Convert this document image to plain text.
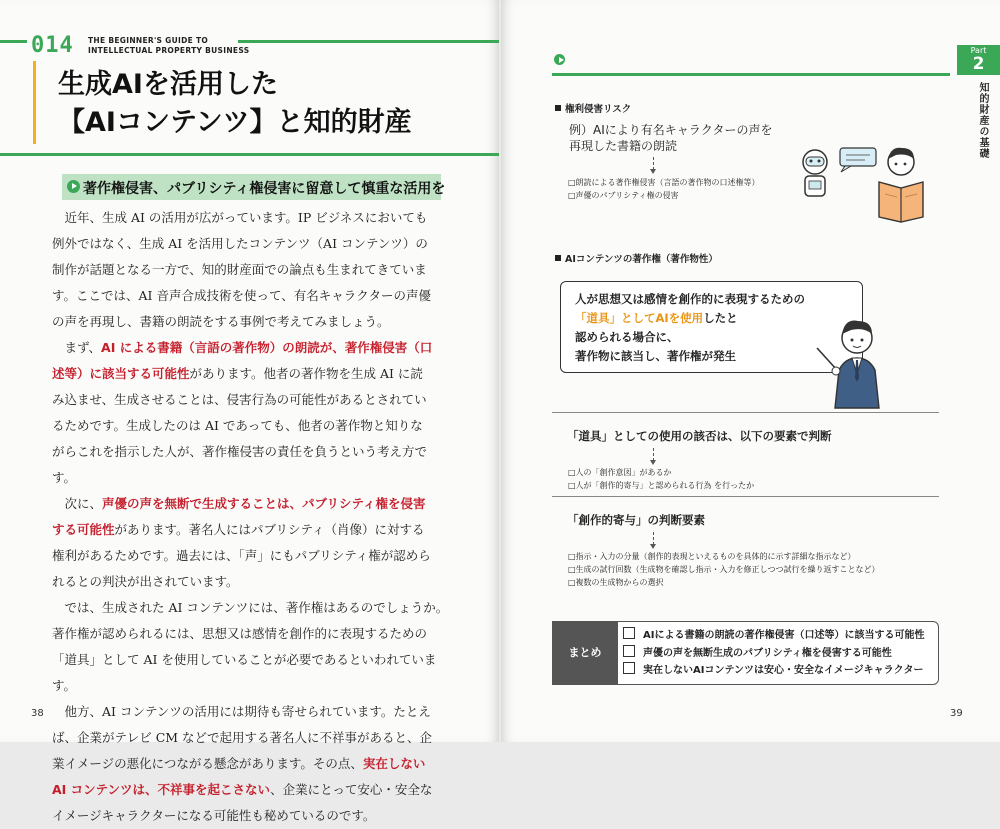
014 THE BEGINNER'S GUIDE TO
INTELLECTUAL PROPERTY BUSINESS
生成AIを活用した
【AIコンテンツ】と知的財産
著作権侵害、パブリシティ権侵害に留意して慎重な活用を

　近年、生成 AI の活用が広がっています。IP ビジネスにおいても
例外ではなく、生成 AI を活用したコンテンツ（AI コンテンツ）の
制作が話題となる一方で、知的財産面での論点も生まれてきていま
す。ここでは、AI 音声合成技術を使って、有名キャラクターの声優
の声を再現し、書籍の朗読をする事例で考えてみましょう。
　まず、AI による書籍（言語の著作物）の朗読が、著作権侵害（口
述等）に該当する可能性があります。他者の著作物を生成 AI に読
み込ませ、生成させることは、侵害行為の可能性があるとされてい
るためです。生成したのは AI であっても、他者の著作物と知りな
がらこれを指示した人が、著作権侵害の責任を負うという考え方で
す。
　次に、声優の声を無断で生成することは、パブリシティ権を侵害
する可能性があります。著名人にはパブリシティ（肖像）に対する
権利があるためです。過去には、「声」にもパブリシティ権が認めら
れるとの判決が出されています。
　では、生成された AI コンテンツには、著作権はあるのでしょうか。
著作権が認められるには、思想又は感情を創作的に表現するための
「道具」として AI を使用していることが必要であるといわれていま
す。
　他方、AI コンテンツの活用には期待も寄せられています。たとえ
ば、企業がテレビ CM などで起用する著名人に不祥事があると、企
業イメージの悪化につながる懸念があります。その点、実在しない
AI コンテンツは、不祥事を起こさない、企業にとって安心・安全な
イメージキャラクターになる可能性も秘めているのです。

38
Part
2
知的財産の基礎
権利侵害リスク
例）AIにより有名キャラクターの声を
再現した書籍の朗読
□朗読による著作権侵害（言語の著作物の口述権等）
□声優のパブリシティ権の侵害
AIコンテンツの著作権（著作物性）
人が思想又は感情を創作的に表現するための
「道具」としてAIを使用したと
認められる場合に、
著作物に該当し、著作権が発生
「道具」としての使用の該否は、以下の要素で判断
□人の「創作意図」があるか
□人が「創作的寄与」と認められる行為 を行ったか
「創作的寄与」の判断要素
□指示・入力の分量（創作的表現といえるものを具体的に示す詳細な指示など）
□生成の試行回数（生成物を確認し指示・入力を修正しつつ試行を繰り返すことなど）
□複数の生成物からの選択
まとめ
AIによる書籍の朗読の著作権侵害（口述等）に該当する可能性
声優の声を無断生成のパブリシティ権を侵害する可能性
実在しないAIコンテンツは安心・安全なイメージキャラクター
39
